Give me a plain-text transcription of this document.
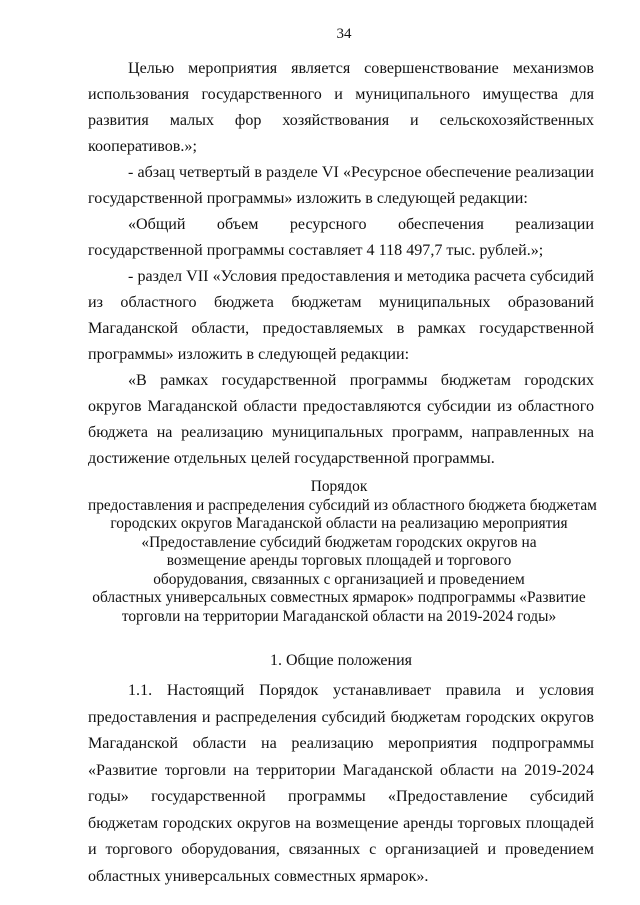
34

Целью мероприятия является совершенствование механизмов использования государственного и муниципального имущества для развития малых фор хозяйствования и сельскохозяйственных кооперативов.»;

- абзац четвертый в разделе VI «Ресурсное обеспечение реализации государственной программы» изложить в следующей редакции:

«Общий объем ресурсного обеспечения реализации государственной программы составляет 4 118 497,7 тыс. рублей.»;

- раздел VII «Условия предоставления и методика расчета субсидий из областного бюджета бюджетам муниципальных образований Магаданской области, предоставляемых в рамках государственной программы» изложить в следующей редакции:

«В рамках государственной программы бюджетам городских округов Магаданской области предоставляются субсидии из областного бюджета на реализацию муниципальных программ, направленных на достижение отдельных целей государственной программы.

Порядок
предоставления и распределения субсидий из областного бюджета бюджетам
городских округов Магаданской области на реализацию мероприятия
«Предоставление субсидий бюджетам городских округов на
возмещение аренды торговых площадей и торгового
оборудования, связанных с организацией и проведением
областных универсальных совместных ярмарок» подпрограммы «Развитие
торговли на территории Магаданской области на 2019-2024 годы»
1. Общие положения

1.1. Настоящий Порядок устанавливает правила и условия предоставления и распределения субсидий бюджетам городских округов Магаданской области на реализацию мероприятия подпрограммы «Развитие торговли на территории Магаданской области на 2019-2024 годы» государственной программы «Предоставление субсидий бюджетам городских округов на возмещение аренды торговых площадей и торгового оборудования, связанных с организацией и проведением областных универсальных совместных ярмарок».
